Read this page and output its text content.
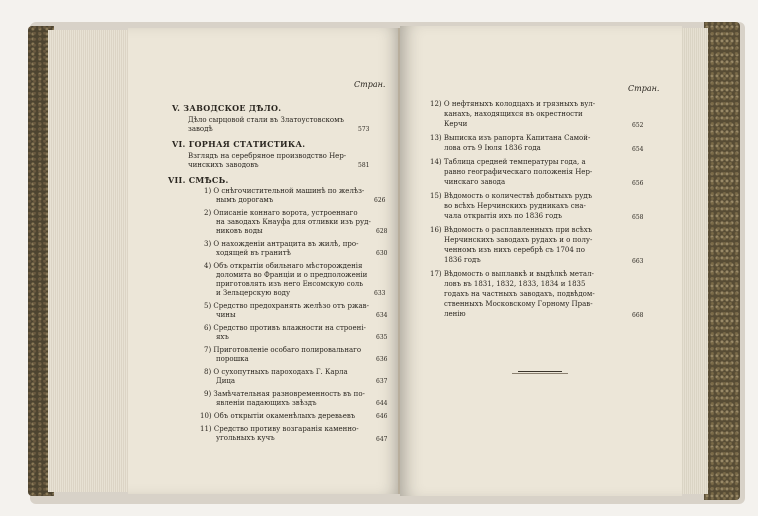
Стран.
V. ЗАВОДСКОЕ ДѢЛО.
Дѣло сырцовой стали въ Златоустовскомъ
заводѣ	573
VI. ГОРНАЯ СТАТИСТИКА.
Взглядъ на серебряное производство Нер-
чинскихъ заводовъ	581
VII. СМѢСЬ.
1) О снѣгочистительной машинѣ по желѣз-
нымъ дорогамъ	626
2) Описаніе коннаго ворота, устроеннаго
на заводахъ Кнауфа для отливки изъ руд-
никовъ воды	628
3) О нахожденіи антрацита въ жилѣ, про-
ходящей въ гранитѣ	630
4) Объ открытіи обильнаго мѣсторожденія
доломита во Франціи и о предположеніи
приготовлять изъ него Енсомскую соль
и Зельцерскую воду	633
5) Средство предохранять желѣзо отъ ржав-
чины	634
6) Средство противъ влажности на строені-
яхъ	635
7) Приготовленіе особаго полировальнаго
порошка	636
8) О сухопутныхъ пароходахъ Г. Карла
Дица	637
9) Замѣчательная разновременность въ по-
явленіи падающихъ звѣздъ	644
10) Объ открытіи окаменѣлыхъ деревьевъ	646
11) Средство противу возгаранія каменно-
угольныхъ кучъ	647
Стран.
12) О нефтяныхъ колодцахъ и грязныхъ вул-
канахъ, находящихся въ окрестности
Керчи	652
13) Выписка изъ рапорта Капитана Самой-
лова отъ 9 Іюля 1836 года	654
14) Таблица средней температуры года, а
равно географическаго положенія Нер-
чинскаго завода	656
15) Вѣдомость о количествѣ добытыхъ рудъ
во всѣхъ Нерчинскихъ рудникахъ сна-
чала открытія ихъ по 1836 годъ	658
16) Вѣдомость о расплавленныхъ при всѣхъ
Нерчинскихъ заводахъ рудахъ и о полу-
ченномъ изъ нихъ серебрѣ съ 1704 по
1836 годъ	663
17) Вѣдомость о выплавкѣ и выдѣлкѣ метал-
ловъ въ 1831, 1832, 1833, 1834 и 1835
годахъ на частныхъ заводахъ, подвѣдом-
ственныхъ Московскому Горному Прав-
ленію	668
